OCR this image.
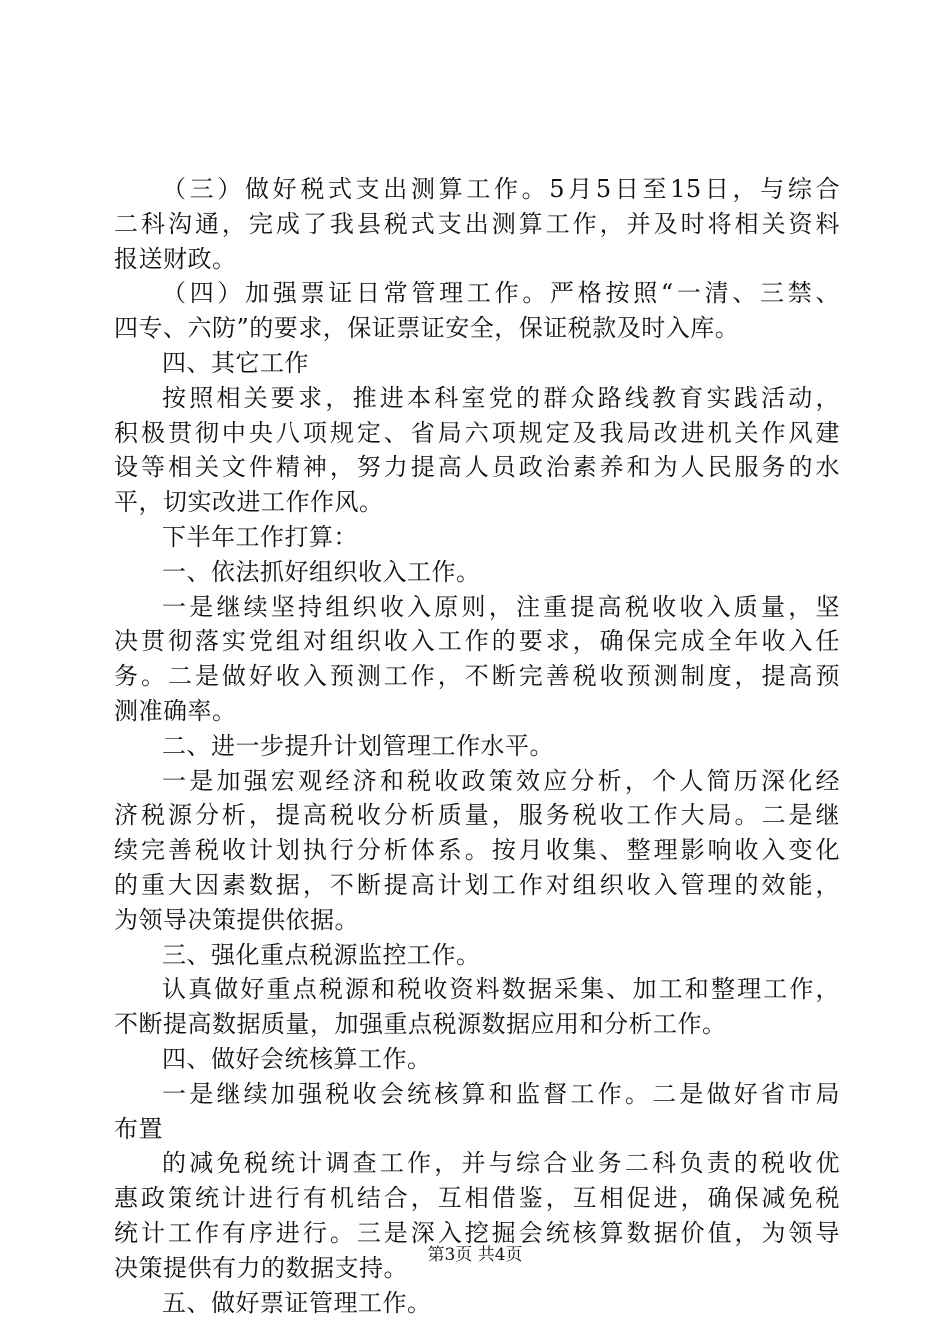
（三）做好税式支出测算工作。5月5日至15日，与综合
二科沟通，完成了我县税式支出测算工作，并及时将相关资料
报送财政。
（四）加强票证日常管理工作。严格按照“一清、三禁、
四专、六防”的要求，保证票证安全，保证税款及时入库。
四、其它工作
按照相关要求，推进本科室党的群众路线教育实践活动，
积极贯彻中央八项规定、省局六项规定及我局改进机关作风建
设等相关文件精神，努力提高人员政治素养和为人民服务的水
平，切实改进工作作风。
下半年工作打算：
一、依法抓好组织收入工作。
一是继续坚持组织收入原则，注重提高税收收入质量，坚
决贯彻落实党组对组织收入工作的要求，确保完成全年收入任
务。二是做好收入预测工作，不断完善税收预测制度，提高预
测准确率。
二、进一步提升计划管理工作水平。
一是加强宏观经济和税收政策效应分析，个人简历深化经
济税源分析，提高税收分析质量，服务税收工作大局。二是继
续完善税收计划执行分析体系。按月收集、整理影响收入变化
的重大因素数据，不断提高计划工作对组织收入管理的效能，
为领导决策提供依据。
三、强化重点税源监控工作。
认真做好重点税源和税收资料数据采集、加工和整理工作，
不断提高数据质量，加强重点税源数据应用和分析工作。
四、做好会统核算工作。
一是继续加强税收会统核算和监督工作。二是做好省市局
布置
的减免税统计调查工作，并与综合业务二科负责的税收优
惠政策统计进行有机结合，互相借鉴，互相促进，确保减免税
统计工作有序进行。三是深入挖掘会统核算数据价值，为领导
决策提供有力的数据支持。
五、做好票证管理工作。
第3页 共4页
